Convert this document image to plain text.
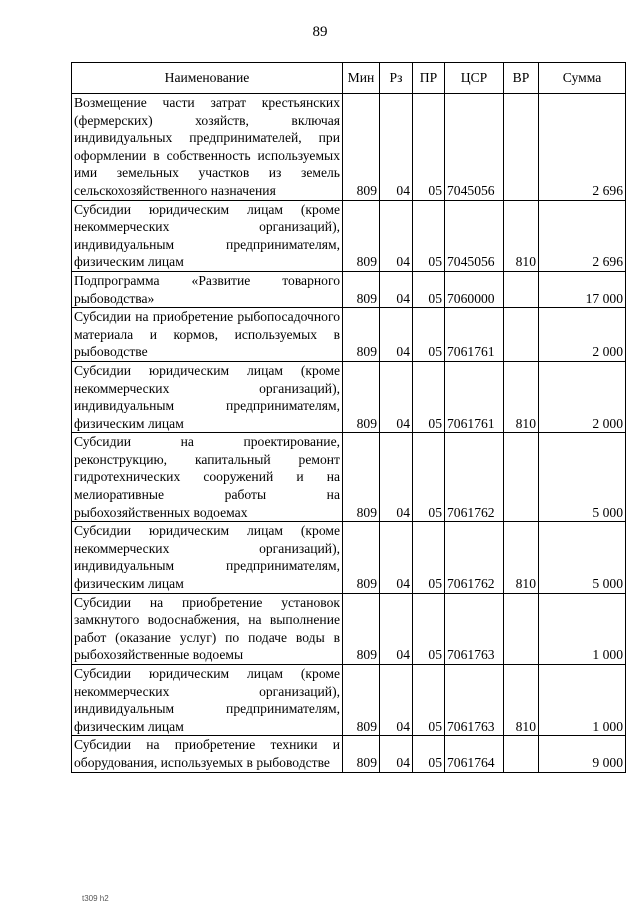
89
Наименование	Мин	Рз	ПР	ЦСР	ВР	Сумма
Возмещение части затрат крестьянских (фермерских) хозяйств, включая индивидуальных предпринимателей, при оформлении в собственность используемых ими земельных участков из земель сельскохозяйственного назначения	809	04	05	7045056		2 696
Субсидии юридическим лицам (кроме некоммерческих организаций), индивидуальным предпринимателям, физическим лицам	809	04	05	7045056	810	2 696
Подпрограмма «Развитие товарного рыбоводства»	809	04	05	7060000		17 000
Субсидии на приобретение рыбопосадочного материала и кормов, используемых в рыбоводстве	809	04	05	7061761		2 000
Субсидии юридическим лицам (кроме некоммерческих организаций), индивидуальным предпринимателям, физическим лицам	809	04	05	7061761	810	2 000
Субсидии на проектирование, реконструкцию, капитальный ремонт гидротехнических сооружений и на мелиоративные работы на рыбохозяйственных водоемах	809	04	05	7061762		5 000
Субсидии юридическим лицам (кроме некоммерческих организаций), индивидуальным предпринимателям, физическим лицам	809	04	05	7061762	810	5 000
Субсидии на приобретение установок замкнутого водоснабжения, на выполнение работ (оказание услуг) по подаче воды в рыбохозяйственные водоемы	809	04	05	7061763		1 000
Субсидии юридическим лицам (кроме некоммерческих организаций), индивидуальным предпринимателям, физическим лицам	809	04	05	7061763	810	1 000
Субсидии на приобретение техники и оборудования, используемых в рыбоводстве	809	04	05	7061764		9 000
t309 h2
